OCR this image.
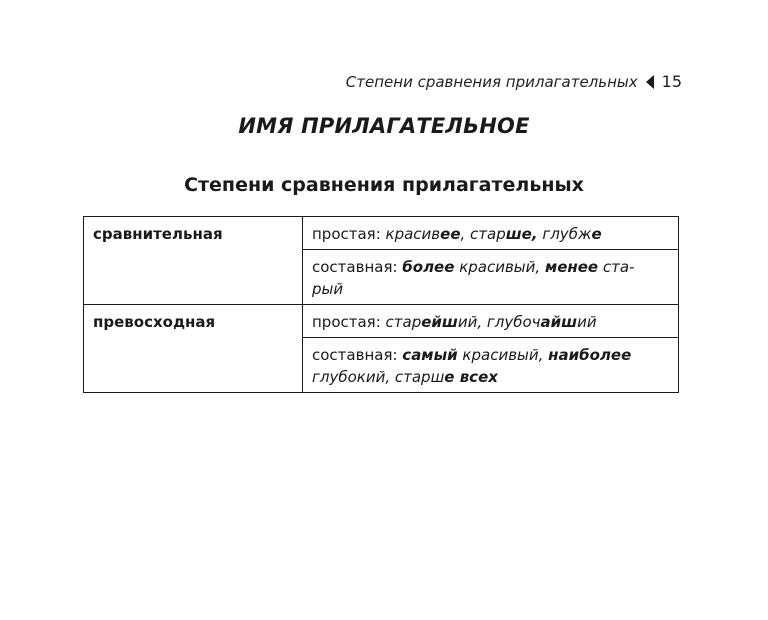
Степени сравнения прилагательных 15
ИМЯ ПРИЛАГАТЕЛЬНОЕ
Степени сравнения прилагательных
сравнительная	простая: красивее, старше, глубже
	составная: более красивый, менее ста-
рый
превосходная	простая: старейший, глубочайший
	составная: самый красивый, наиболее
глубокий, старше всех
